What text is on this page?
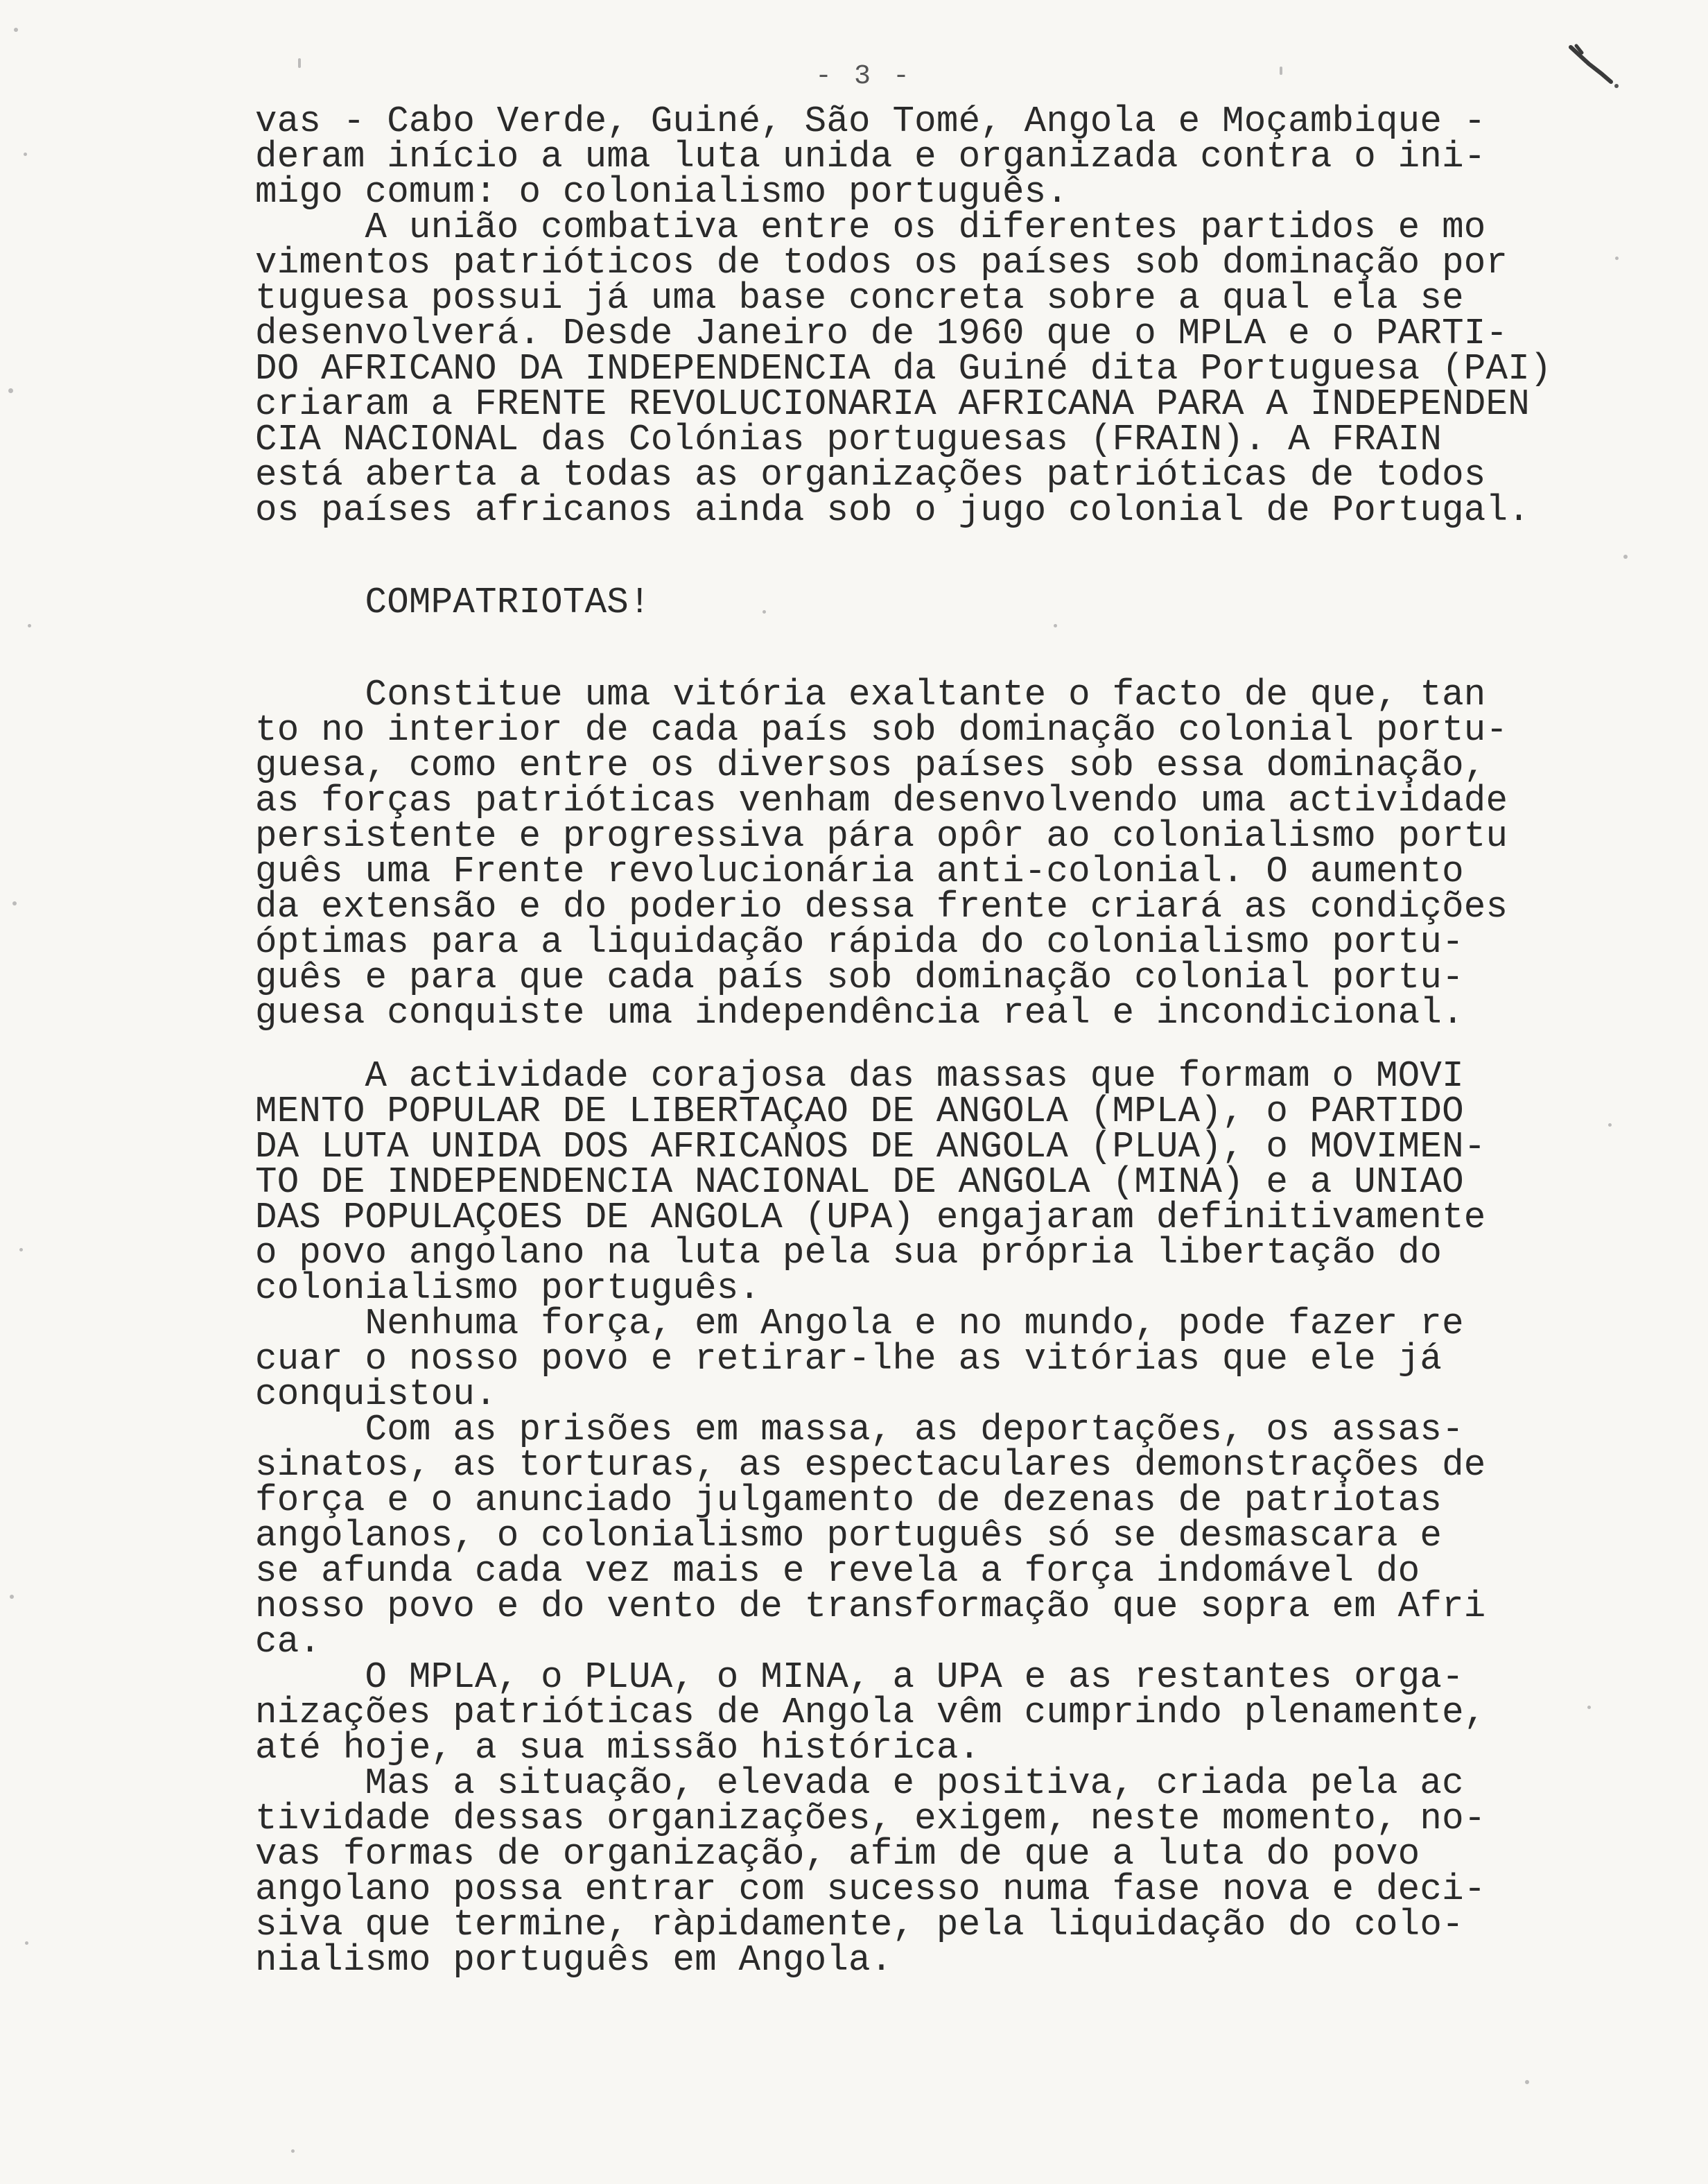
- 3 -
vas - Cabo Verde, Guiné, São Tomé, Angola e Moçambique -
deram início a uma luta unida e organizada contra o ini-
migo comum: o colonialismo português.
A união combativa entre os diferentes partidos e mo
vimentos patrióticos de todos os países sob dominação por
tuguesa possui já uma base concreta sobre a qual ela se
desenvolverá. Desde Janeiro de 1960 que o MPLA e o PARTI-
DO AFRICANO DA INDEPENDENCIA da Guiné dita Portuguesa (PAI)
criaram a FRENTE REVOLUCIONARIA AFRICANA PARA A INDEPENDEN
CIA NACIONAL das Colónias portuguesas (FRAIN). A FRAIN
está aberta a todas as organizações patrióticas de todos
os países africanos ainda sob o jugo colonial de Portugal.
COMPATRIOTAS!
Constitue uma vitória exaltante o facto de que, tan
to no interior de cada país sob dominação colonial portu-
guesa, como entre os diversos países sob essa dominação,
as forças patrióticas venham desenvolvendo uma actividade
persistente e progressiva pára opôr ao colonialismo portu
guês uma Frente revolucionária anti-colonial. O aumento
da extensão e do poderio dessa frente criará as condições
óptimas para a liquidação rápida do colonialismo portu-
guês e para que cada país sob dominação colonial portu-
guesa conquiste uma independência real e incondicional.
A actividade corajosa das massas que formam o MOVI
MENTO POPULAR DE LIBERTAÇAO DE ANGOLA (MPLA), o PARTIDO
DA LUTA UNIDA DOS AFRICANOS DE ANGOLA (PLUA), o MOVIMEN-
TO DE INDEPENDENCIA NACIONAL DE ANGOLA (MINA) e a UNIAO
DAS POPULAÇOES DE ANGOLA (UPA) engajaram definitivamente
o povo angolano na luta pela sua própria libertação do
colonialismo português.
Nenhuma força, em Angola e no mundo, pode fazer re
cuar o nosso povo e retirar-lhe as vitórias que ele já
conquistou.
Com as prisões em massa, as deportações, os assas-
sinatos, as torturas, as espectaculares demonstrações de
força e o anunciado julgamento de dezenas de patriotas
angolanos, o colonialismo português só se desmascara e
se afunda cada vez mais e revela a força indomável do
nosso povo e do vento de transformação que sopra em Afri
ca.
O MPLA, o PLUA, o MINA, a UPA e as restantes orga-
nizações patrióticas de Angola vêm cumprindo plenamente,
até hoje, a sua missão histórica.
Mas a situação, elevada e positiva, criada pela ac
tividade dessas organizações, exigem, neste momento, no-
vas formas de organização, afim de que a luta do povo
angolano possa entrar com sucesso numa fase nova e deci-
siva que termine, ràpidamente, pela liquidação do colo-
nialismo português em Angola.
